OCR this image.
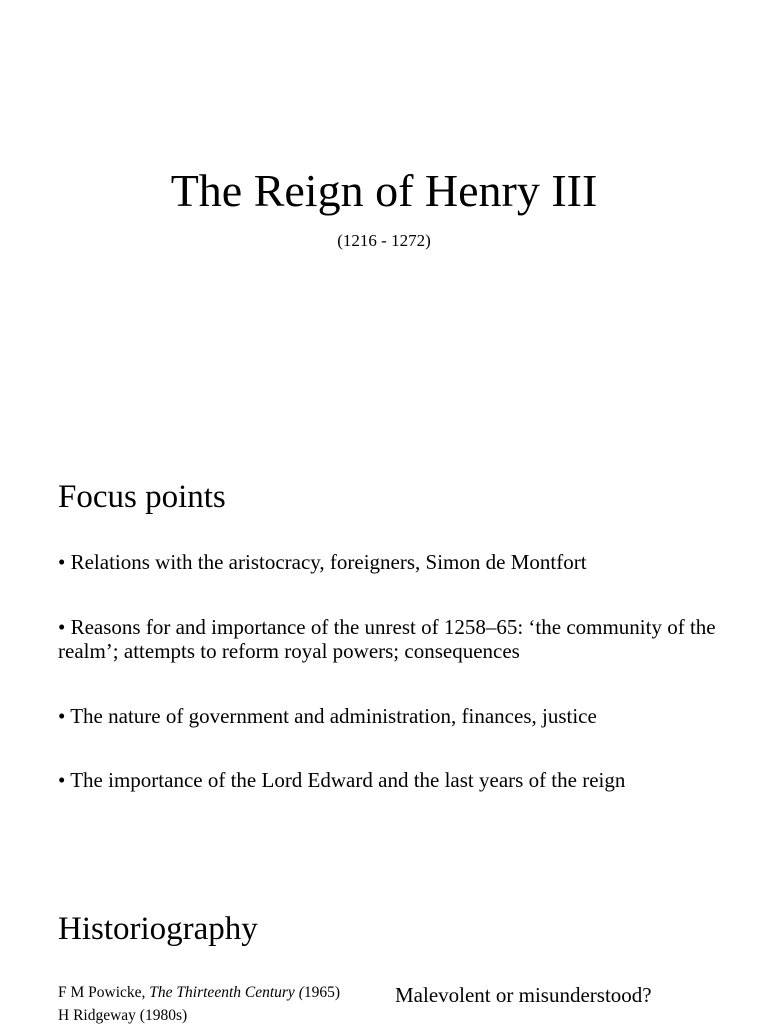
The Reign of Henry III
(1216 - 1272)
Focus points
• Relations with the aristocracy, foreigners, Simon de Montfort
• Reasons for and importance of the unrest of 1258–65: ‘the community of the realm’; attempts to reform royal powers; consequences
• The nature of government and administration, finances, justice
• The importance of the Lord Edward and the last years of the reign
Historiography
F M Powicke, The Thirteenth Century (1965)
H Ridgeway (1980s)
Malevolent or misunderstood?
